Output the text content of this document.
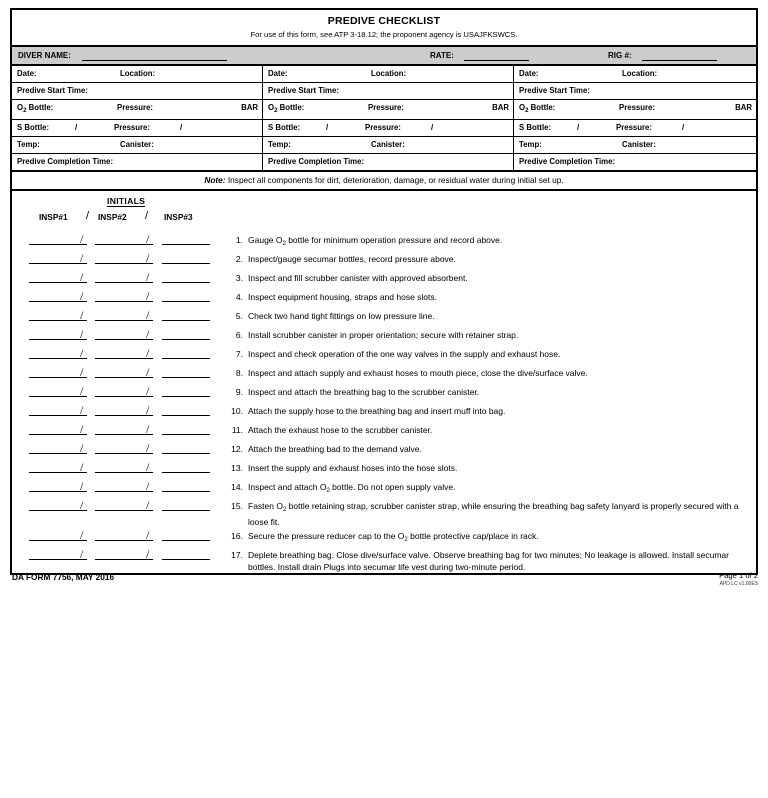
PREDIVE CHECKLIST
For use of this form, see ATP 3-18.12; the proponent agency is USAJFKSWCS.
DIVER NAME:	RATE:	RIG #:
Date:	Location:	Date:	Location:	Date:	Location:

Predive Start Time:	Predive Start Time:	Predive Start Time:

$O_2$ Bottle:	Pressure:	BAR	$O_2$ Bottle:	Pressure:	BAR	$O_2$ Bottle:	Pressure:	BAR

S Bottle:	/	Pressure:	/	S Bottle:	/	Pressure:	/	S Bottle:	/	Pressure:	/

Temp:	Canister:	Temp:	Canister:	Temp:	Canister:

Predive Completion Time:	Predive Completion Time:	Predive Completion Time:
Note: Inspect all components for dirt, deterioration, damage, or residual water during initial set up.
INITIALS
INSP#1 / INSP#2 / INSP#3
/	/	1. Gauge $O_2$ bottle for minimum operation pressure and record above.
/	/	2. Inspect/gauge secumar bottles, record pressure above.
/	/	3. Inspect and fill scrubber canister with approved absorbent.
/	/	4. Inspect equipment housing, straps and hose slots.
/	/	5. Check two hand tight fittings on low pressure line.
/	/	6. Install scrubber canister in proper orientation; secure with retainer strap.
/	/	7. Inspect and check operation of the one way valves in the supply and exhaust hose.
/	/	8. Inspect and attach supply and exhaust hoses to mouth piece, close the dive/surface valve.
/	/	9. Inspect and attach the breathing bag to the scrubber canister.
/	/	10. Attach the supply hose to the breathing bag and insert muff into bag.
/	/	11. Attach the exhaust hose to the scrubber canister.
/	/	12. Attach the breathing bad to the demand valve.
/	/	13. Insert the supply and exhaust hoses into the hose slots.
/	/	14. Inspect and attach $O_2$ bottle. Do not open supply valve.
/	/	15. Fasten $O_2$ bottle retaining strap, scrubber canister strap, while ensuring the breathing bag safety lanyard is properly secured with a loose fit.
/	/	16. Secure the pressure reducer cap to the $O_2$ bottle protective cap/place in rack.
/	/	17. Deplete breathing bag. Close dive/surface valve. Observe breathing bag for two minutes; No leakage is allowed. Install secumar bottles. Install drain Plugs into secumar life vest during two-minute period.
DA FORM 7756, MAY 2016	Page 1 of 2
APD LC v1.00ES
